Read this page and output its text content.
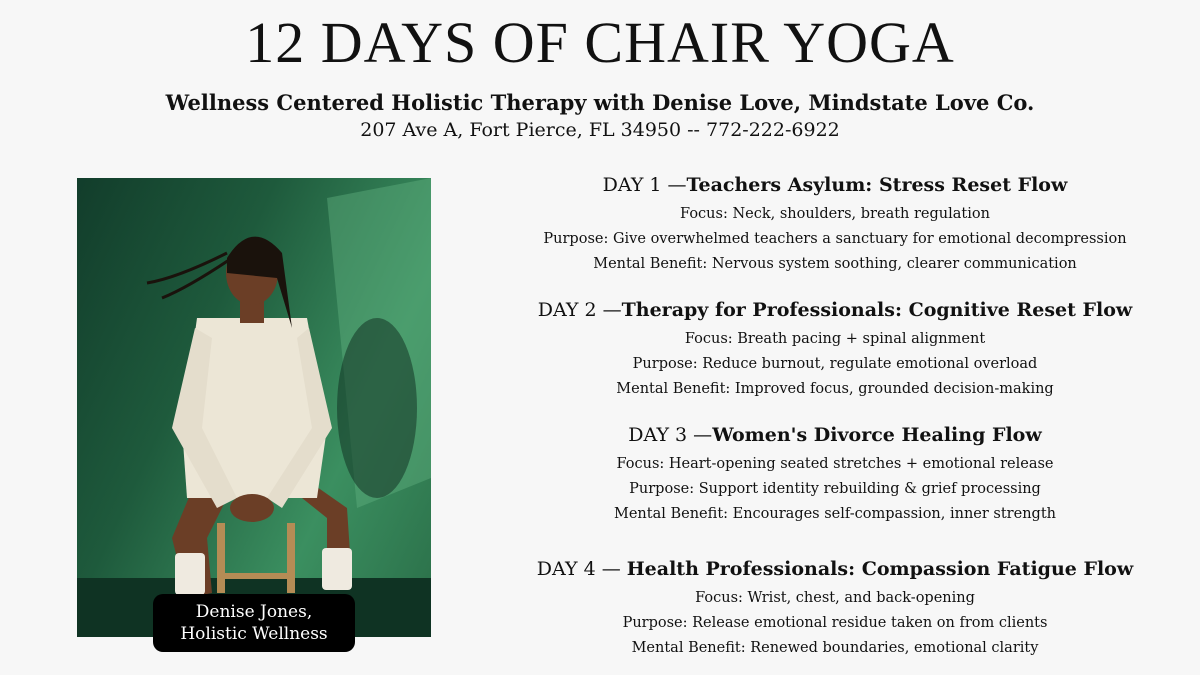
12 DAYS OF CHAIR YOGA
Wellness Centered Holistic Therapy with Denise Love, Mindstate Love Co.
207 Ave A, Fort Pierce, FL 34950 -- 772-222-6922
Denise Jones,
Holistic Wellness
DAY 1 —Teachers Asylum: Stress Reset Flow
Focus: Neck, shoulders, breath regulation
Purpose: Give overwhelmed teachers a sanctuary for emotional decompression
Mental Benefit: Nervous system soothing, clearer communication
DAY 2 —Therapy for Professionals: Cognitive Reset Flow
Focus: Breath pacing + spinal alignment
Purpose: Reduce burnout, regulate emotional overload
Mental Benefit: Improved focus, grounded decision-making
DAY 3 —Women's Divorce Healing Flow
Focus: Heart-opening seated stretches + emotional release
Purpose: Support identity rebuilding & grief processing
Mental Benefit: Encourages self-compassion, inner strength
DAY 4 — Health Professionals: Compassion Fatigue Flow
Focus: Wrist, chest, and back-opening
Purpose: Release emotional residue taken on from clients
Mental Benefit: Renewed boundaries, emotional clarity
